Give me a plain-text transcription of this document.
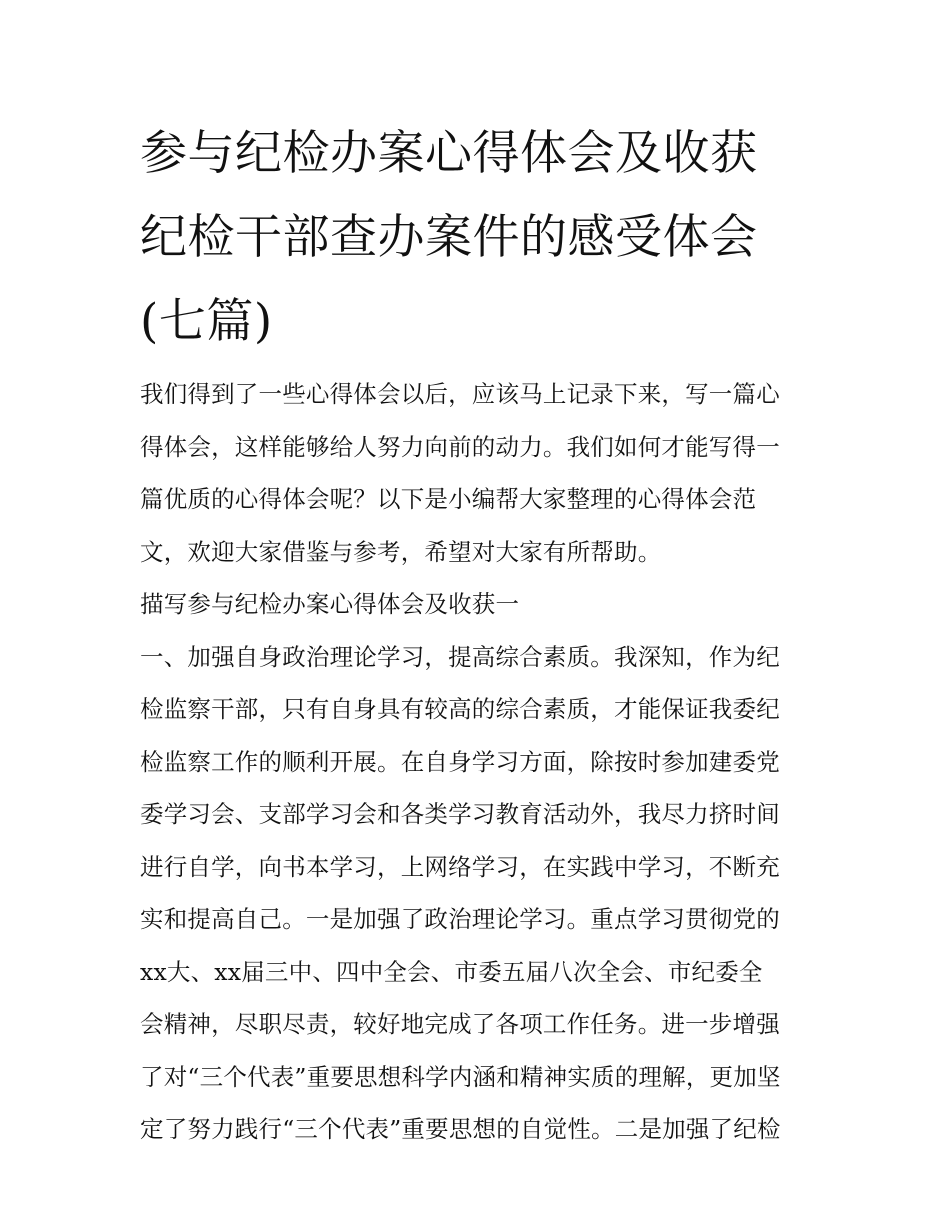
参与纪检办案心得体会及收获
纪检干部查办案件的感受体会
(七篇)
我们得到了一些心得体会以后，应该马上记录下来，写一篇心
得体会，这样能够给人努力向前的动力。我们如何才能写得一
篇优质的心得体会呢？以下是小编帮大家整理的心得体会范
文，欢迎大家借鉴与参考，希望对大家有所帮助。
描写参与纪检办案心得体会及收获一
一、加强自身政治理论学习，提高综合素质。我深知，作为纪
检监察干部，只有自身具有较高的综合素质，才能保证我委纪
检监察工作的顺利开展。在自身学习方面，除按时参加建委党
委学习会、支部学习会和各类学习教育活动外，我尽力挤时间
进行自学，向书本学习，上网络学习，在实践中学习，不断充
实和提高自己。一是加强了政治理论学习。重点学习贯彻党的
xx大、xx届三中、四中全会、市委五届八次全会、市纪委全
会精神，尽职尽责，较好地完成了各项工作任务。进一步增强
了对“三个代表”重要思想科学内涵和精神实质的理解，更加坚
定了努力践行“三个代表”重要思想的自觉性。二是加强了纪检
